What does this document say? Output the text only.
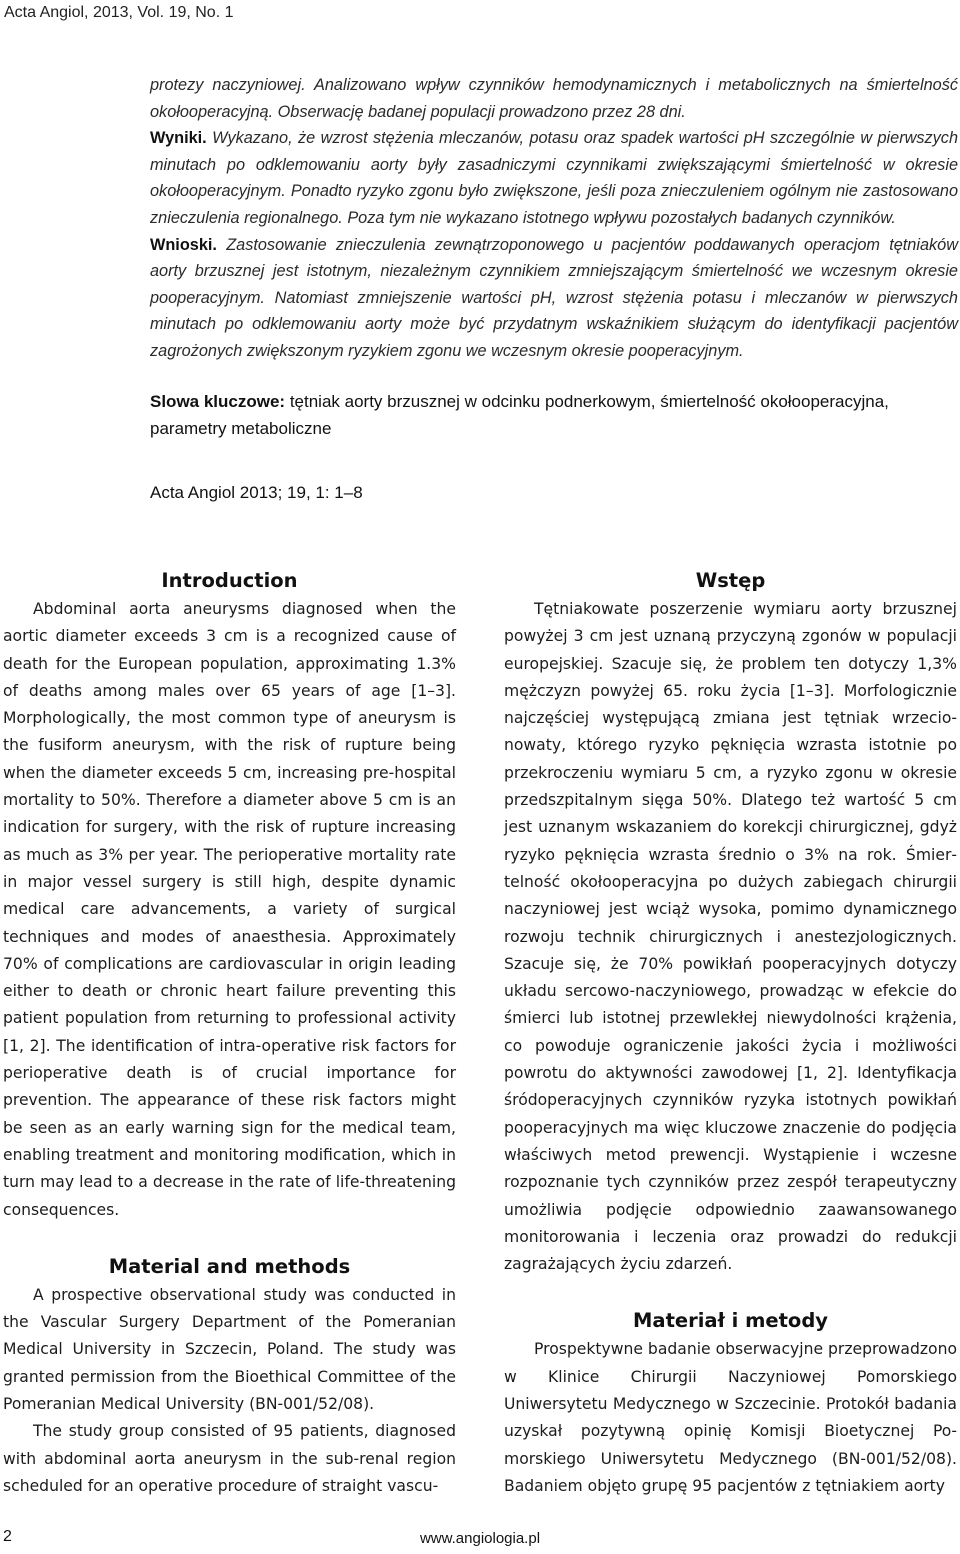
Acta Angiol, 2013, Vol. 19, No. 1

protezy naczyniowej. Analizowano wpływ czynników hemodynamicznych i metabolicznych na śmiertelność okołooperacyjną. Obserwację badanej populacji prowadzono przez 28 dni.

Wyniki. Wykazano, że wzrost stężenia mleczanów, potasu oraz spadek wartości pH szczególnie w pierwszych minutach po odklemowaniu aorty były zasadniczymi czynnikami zwiększającymi śmiertelność w okresie okołooperacyjnym. Ponadto ryzyko zgonu było zwiększone, jeśli poza znieczuleniem ogólnym nie zastosowano znieczulenia regionalnego. Poza tym nie wykazano istotnego wpływu pozostałych badanych czynników.

Wnioski. Zastosowanie znieczulenia zewnątrzoponowego u pacjentów poddawanych operacjom tętniaków aorty brzusznej jest istotnym, niezależnym czynnikiem zmniejszającym śmiertelność we wczesnym okresie pooperacyjnym. Natomiast zmniejszenie wartości pH, wzrost stężenia potasu i mleczanów w pierwszych minutach po odklemowaniu aorty może być przydatnym wskaźnikiem służącym do identyfikacji pacjentów zagrożonych zwiększonym ryzykiem zgonu we wczesnym okresie pooperacyjnym.

Slowa kluczowe: tętniak aorty brzusznej w odcinku podnerkowym, śmiertelność okołooperacyjna, parametry metaboliczne
Acta Angiol 2013; 19, 1: 1–8
Introduction

Abdominal aorta aneurysms diagnosed when the aortic diameter exceeds 3 cm is a recognized cause of death for the European population, approximating 1.3% of deaths among males over 65 years of age [1–3]. Morphologically, the most common type of aneurysm is the fusiform aneurysm, with the risk of rupture being when the diameter exceeds 5 cm, increasing pre-hospital mortality to 50%. Therefore a diameter above 5 cm is an indication for surgery, with the risk of rupture increasing as much as 3% per year. The perioperative mortality rate in major vessel surgery is still high, despite dynamic medical care advancements, a variety of surgical techniques and modes of anaesthesia. Approximately 70% of complications are cardiovascular in origin leading either to death or chronic heart failure preventing this patient population from returning to professional activity [1, 2]. The identification of intra-operative risk factors for perioperative death is of crucial importance for prevention. The appearance of these risk factors might be seen as an early warning sign for the medical team, enabling treatment and monitoring modification, which in turn may lead to a decrease in the rate of life-threatening consequences.

Material and methods

A prospective observational study was conducted in the Vascular Surgery Department of the Pomeranian Medical University in Szczecin, Poland. The study was granted permission from the Bioethical Committee of the Pomeranian Medical University (BN-001/52/08).

The study group consisted of 95 patients, diagnosed with abdominal aorta aneurysm in the sub-renal region scheduled for an operative procedure of straight vascu-

Wstęp

Tętniakowate poszerzenie wymiaru aorty brzusznej powyżej 3 cm jest uznaną przyczyną zgonów w populacji europejskiej. Szacuje się, że problem ten dotyczy 1,3% mężczyzn powyżej 65. roku życia [1–3]. Morfologicznie najczęściej występującą zmiana jest tętniak wrzecionowaty, którego ryzyko pęknięcia wzrasta istotnie po przekroczeniu wymiaru 5 cm, a ryzyko zgonu w okresie przedszpitalnym sięga 50%. Dlatego też wartość 5 cm jest uznanym wskazaniem do korekcji chirurgicznej, gdyż ryzyko pęknięcia wzrasta średnio o 3% na rok. Śmiertelność okołooperacyjna po dużych zabiegach chirurgii naczyniowej jest wciąż wysoka, pomimo dynamicznego rozwoju technik chirurgicznych i anestezjologicznych. Szacuje się, że 70% powikłań pooperacyjnych dotyczy układu sercowo-naczyniowego, prowadząc w efekcie do śmierci lub istotnej przewlekłej niewydolności krążenia, co powoduje ograniczenie jakości życia i możliwości powrotu do aktywności zawodowej [1, 2]. Identyfikacja śródoperacyjnych czynników ryzyka istotnych powikłań pooperacyjnych ma więc kluczowe znaczenie do podjęcia właściwych metod prewencji. Wystąpienie i wczesne rozpoznanie tych czynników przez zespół terapeutyczny umożliwia podjęcie odpowiednio zaawansowanego monitorowania i leczenia oraz prowadzi do redukcji zagrażających życiu zdarzeń.

Materiał i metody

Prospektywne badanie obserwacyjne przeprowadzono w Klinice Chirurgii Naczyniowej Pomorskiego Uniwersytetu Medycznego w Szczecinie. Protokół badania uzyskał pozytywną opinię Komisji Bioetycznej Pomorskiego Uniwersytetu Medycznego (BN-001/52/08). Badaniem objęto grupę 95 pacjentów z tętniakiem aorty

2	www.angiologia.pl
